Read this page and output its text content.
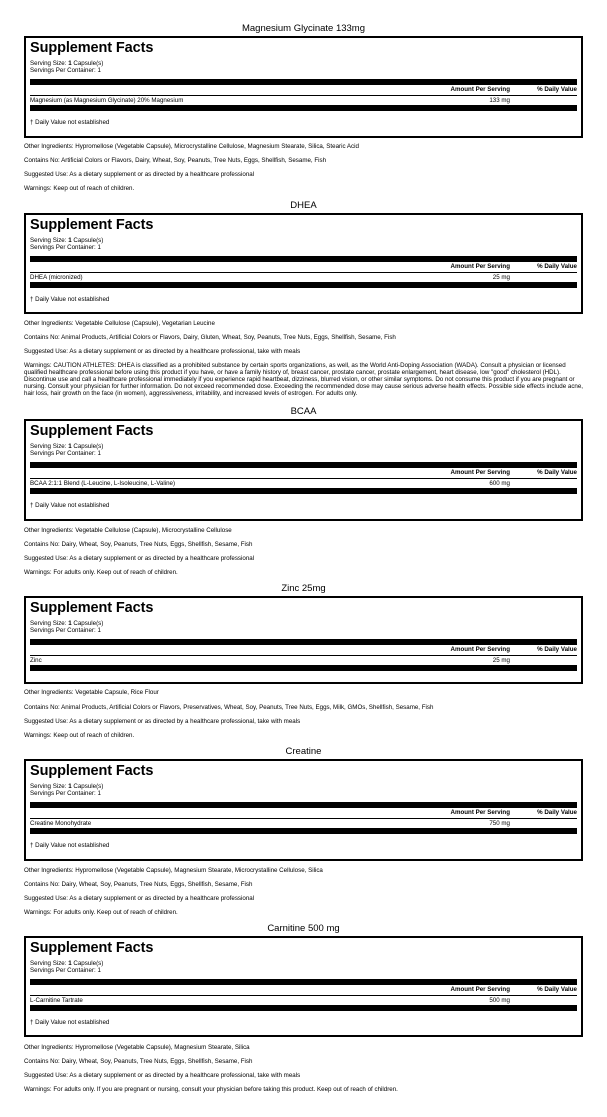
Magnesium Glycinate 133mg
Supplement Facts
Serving Size: 1 Capsule(s)
Servings Per Container: 1
Amount Per Serving	% Daily Value
Magnesium (as Magnesium Glycinate) 20% Magnesium	133 mg
† Daily Value not established
Other Ingredients: Hypromellose (Vegetable Capsule), Microcrystalline Cellulose, Magnesium Stearate, Silica, Stearic Acid
Contains No: Artificial Colors or Flavors, Dairy, Wheat, Soy, Peanuts, Tree Nuts, Eggs, Shellfish, Sesame, Fish
Suggested Use: As a dietary supplement or as directed by a healthcare professional
Warnings: Keep out of reach of children.
DHEA
Supplement Facts
Serving Size: 1 Capsule(s)
Servings Per Container: 1
Amount Per Serving	% Daily Value
DHEA (micronized)	25 mg
† Daily Value not established
Other Ingredients: Vegetable Cellulose (Capsule), Vegetarian Leucine
Contains No: Animal Products, Artificial Colors or Flavors, Dairy, Gluten, Wheat, Soy, Peanuts, Tree Nuts, Eggs, Shellfish, Sesame, Fish
Suggested Use: As a dietary supplement or as directed by a healthcare professional, take with meals
Warnings: CAUTION ATHLETES: DHEA is classified as a prohibited substance by certain sports organizations, as well, as the World Anti-Doping Association (WADA). Consult a physician or licensed qualified healthcare professional before using this product if you have, or have a family history of, breast cancer, prostate cancer, prostate enlargement, heart disease, low "good" cholesterol (HDL). Discontinue use and call a healthcare professional immediately if you experience rapid heartbeat, dizziness, blurred vision, or other similar symptoms. Do not consume this product if you are pregnant or nursing. Consult your physician for further information. Do not exceed recommended dose. Exceeding the recommended dose may cause serious adverse health effects. Possible side effects include acne, hair loss, hair growth on the face (in women), aggressiveness, irritability, and increased levels of estrogen. For adults only.
BCAA
Supplement Facts
Serving Size: 1 Capsule(s)
Servings Per Container: 1
Amount Per Serving	% Daily Value
BCAA 2:1:1 Blend (L-Leucine, L-Isoleucine, L-Valine)	600 mg
† Daily Value not established
Other Ingredients: Vegetable Cellulose (Capsule), Microcrystalline Cellulose
Contains No: Dairy, Wheat, Soy, Peanuts, Tree Nuts, Eggs, Shellfish, Sesame, Fish
Suggested Use: As a dietary supplement or as directed by a healthcare professional
Warnings: For adults only. Keep out of reach of children.
Zinc 25mg
Supplement Facts
Serving Size: 1 Capsule(s)
Servings Per Container: 1
Amount Per Serving	% Daily Value
Zinc	25 mg
Other Ingredients: Vegetable Capsule, Rice Flour
Contains No: Animal Products, Artificial Colors or Flavors, Preservatives, Wheat, Soy, Peanuts, Tree Nuts, Eggs, Milk, GMOs, Shellfish, Sesame, Fish
Suggested Use: As a dietary supplement or as directed by a healthcare professional, take with meals
Warnings: Keep out of reach of children.
Creatine
Supplement Facts
Serving Size: 1 Capsule(s)
Servings Per Container: 1
Amount Per Serving	% Daily Value
Creatine Monohydrate	750 mg
† Daily Value not established
Other Ingredients: Hypromellose (Vegetable Capsule), Magnesium Stearate, Microcrystalline Cellulose, Silica
Contains No: Dairy, Wheat, Soy, Peanuts, Tree Nuts, Eggs, Shellfish, Sesame, Fish
Suggested Use: As a dietary supplement or as directed by a healthcare professional
Warnings: For adults only. Keep out of reach of children.
Carnitine 500 mg
Supplement Facts
Serving Size: 1 Capsule(s)
Servings Per Container: 1
Amount Per Serving	% Daily Value
L-Carnitine Tartrate	500 mg
† Daily Value not established
Other Ingredients: Hypromellose (Vegetable Capsule), Magnesium Stearate, Silica
Contains No: Dairy, Wheat, Soy, Peanuts, Tree Nuts, Eggs, Shellfish, Sesame, Fish
Suggested Use: As a dietary supplement or as directed by a healthcare professional, take with meals
Warnings: For adults only. If you are pregnant or nursing, consult your physician before taking this product. Keep out of reach of children.
